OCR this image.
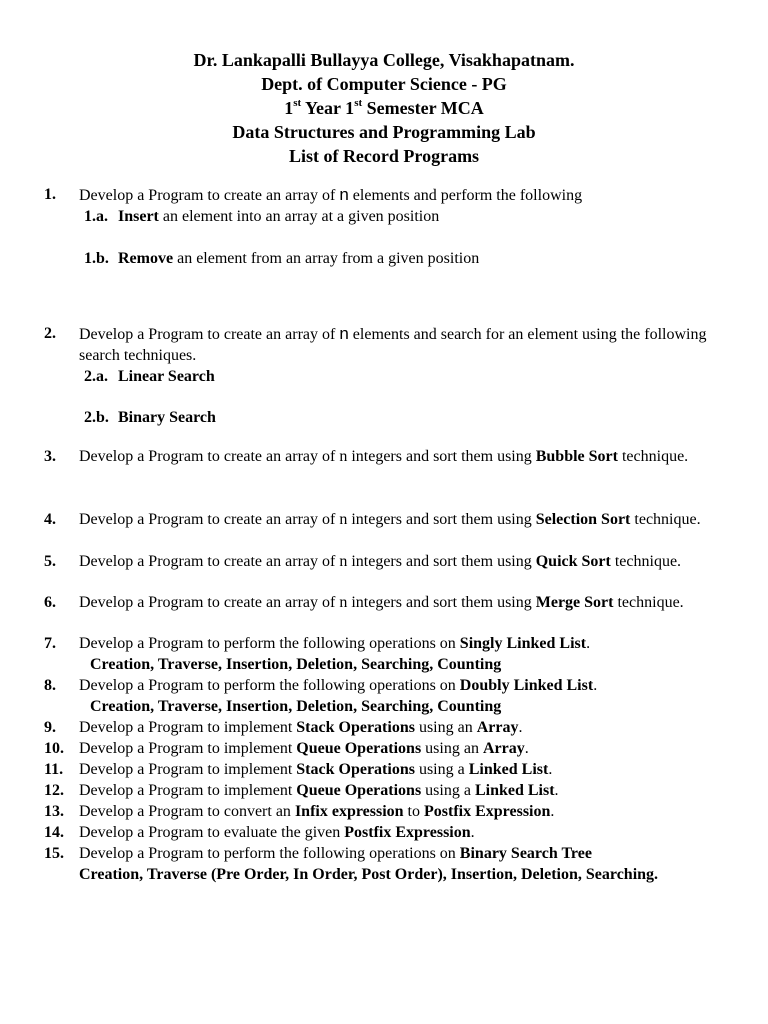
Dr. Lankapalli Bullayya College, Visakhapatnam.
Dept. of Computer Science - PG
1st Year 1st Semester MCA
Data Structures and Programming Lab
List of Record Programs
1.	Develop a Program to create an array of n elements and perform the following
1.a. Insert an element into an array at a given position
1.b. Remove an element from an array from a given position
2.	Develop a Program to create an array of n elements and search for an element using the following search techniques.
2.a. Linear Search
2.b. Binary Search
3.	Develop a Program to create an array of n integers and sort them using Bubble Sort technique.
4.	Develop a Program to create an array of n integers and sort them using Selection Sort technique.
5.	Develop a Program to create an array of n integers and sort them using Quick Sort technique.
6.	Develop a Program to create an array of n integers and sort them using Merge Sort technique.
7.	Develop a Program to perform the following operations on Singly Linked List.
Creation, Traverse, Insertion, Deletion, Searching, Counting
8.	Develop a Program to perform the following operations on Doubly Linked List.
Creation, Traverse, Insertion, Deletion, Searching, Counting
9.	Develop a Program to implement Stack Operations using an Array.
10. Develop a Program to implement Queue Operations using an Array.
11. Develop a Program to implement Stack Operations using a Linked List.
12. Develop a Program to implement Queue Operations using a Linked List.
13. Develop a Program to convert an Infix expression to Postfix Expression.
14. Develop a Program to evaluate the given Postfix Expression.
15. Develop a Program to perform the following operations on Binary Search Tree
Creation, Traverse (Pre Order, In Order, Post Order), Insertion, Deletion, Searching.
